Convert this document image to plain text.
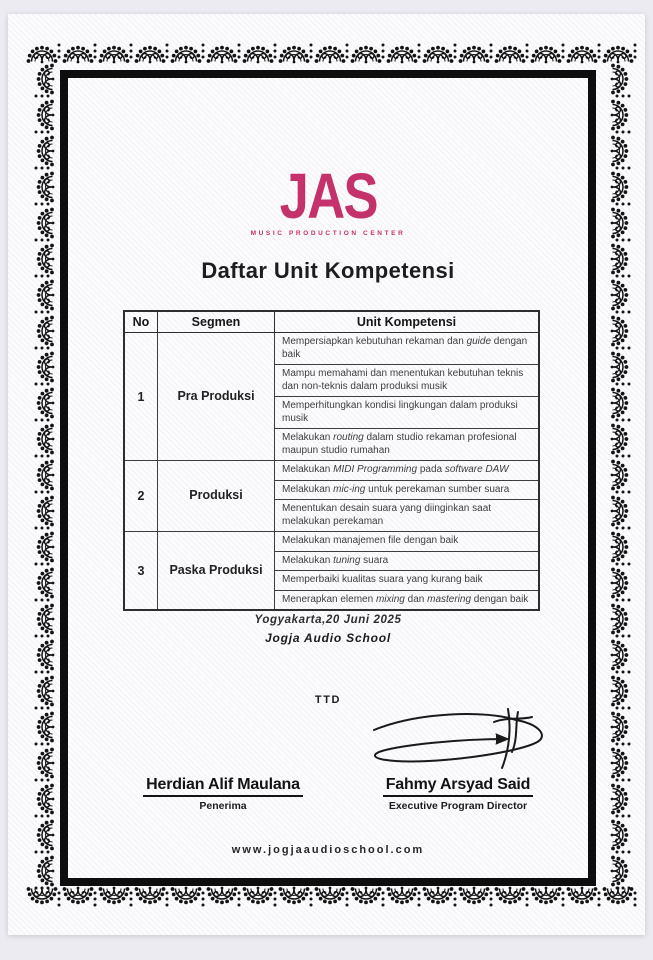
JAS
MUSIC PRODUCTION CENTER
Daftar Unit Kompetensi
No	Segmen	Unit Kompetensi
1	Pra Produksi	Mempersiapkan kebutuhan rekaman dan guide dengan baik
		Mampu memahami dan menentukan kebutuhan teknis dan non-teknis dalam produksi musik
		Memperhitungkan kondisi lingkungan dalam produksi musik
		Melakukan routing dalam studio rekaman profesional maupun studio rumahan
2	Produksi	Melakukan MIDI Programming pada software DAW
		Melakukan mic-ing untuk perekaman sumber suara
		Menentukan desain suara yang diinginkan saat melakukan perekaman
3	Paska Produksi	Melakukan manajemen file dengan baik
		Melakukan tuning suara
		Memperbaiki kualitas suara yang kurang baik
		Menerapkan elemen mixing dan mastering dengan baik
Yogyakarta,20 Juni 2025
Jogja Audio School
TTD
Herdian Alif Maulana
Penerima
Fahmy Arsyad Said
Executive Program Director
www.jogjaaudioschool.com
